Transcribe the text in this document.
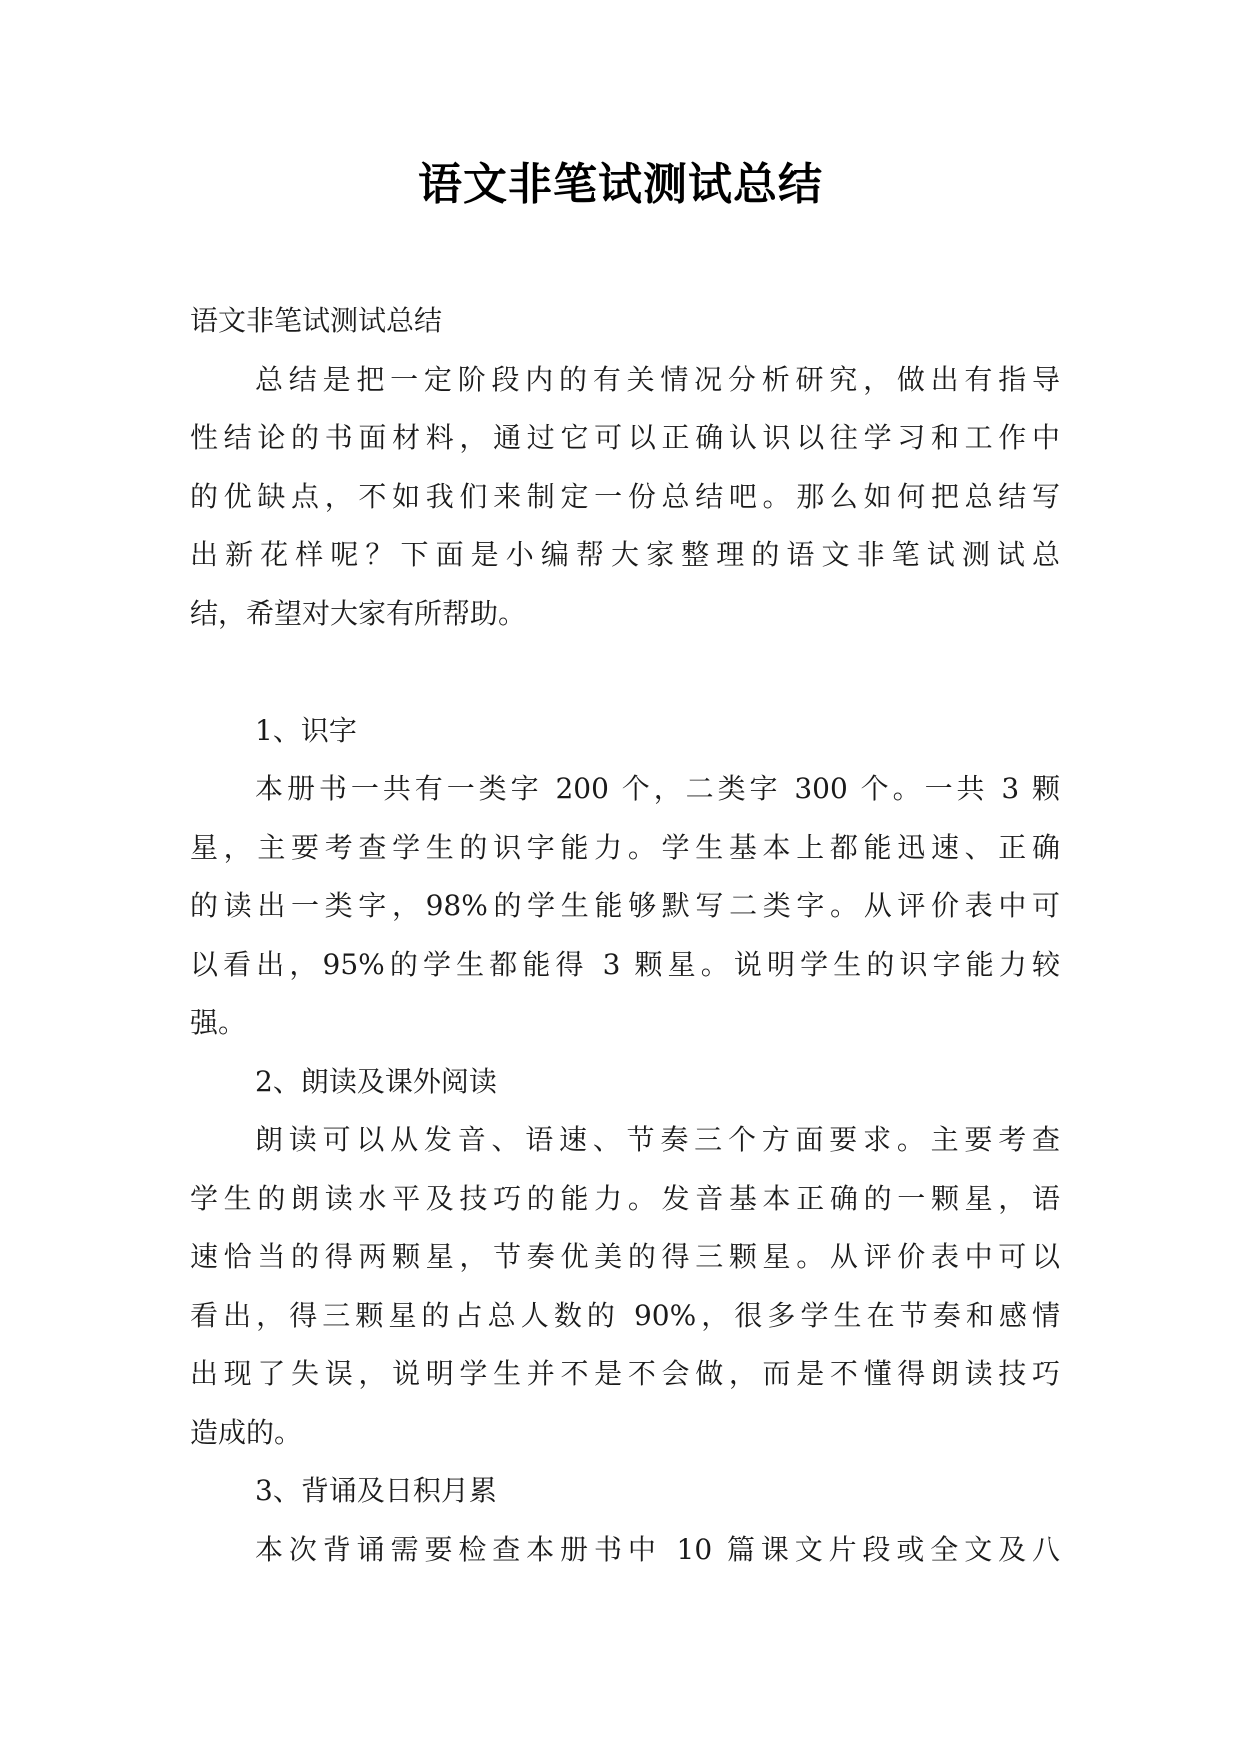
语文非笔试测试总结
语文非笔试测试总结
总结是把一定阶段内的有关情况分析研究，做出有指导
性结论的书面材料，通过它可以正确认识以往学习和工作中
的优缺点，不如我们来制定一份总结吧。那么如何把总结写
出新花样呢？下面是小编帮大家整理的语文非笔试测试总
结，希望对大家有所帮助。
1、识字
本册书一共有一类字 200 个，二类字 300 个。一共 3 颗
星，主要考查学生的识字能力。学生基本上都能迅速、正确
的读出一类字，98%的学生能够默写二类字。从评价表中可
以看出，95%的学生都能得 3 颗星。说明学生的识字能力较
强。
2、朗读及课外阅读
朗读可以从发音、语速、节奏三个方面要求。主要考查
学生的朗读水平及技巧的能力。发音基本正确的一颗星，语
速恰当的得两颗星，节奏优美的得三颗星。从评价表中可以
看出，得三颗星的占总人数的 90%，很多学生在节奏和感情
出现了失误，说明学生并不是不会做，而是不懂得朗读技巧
造成的。
3、背诵及日积月累
本次背诵需要检查本册书中 10 篇课文片段或全文及八
